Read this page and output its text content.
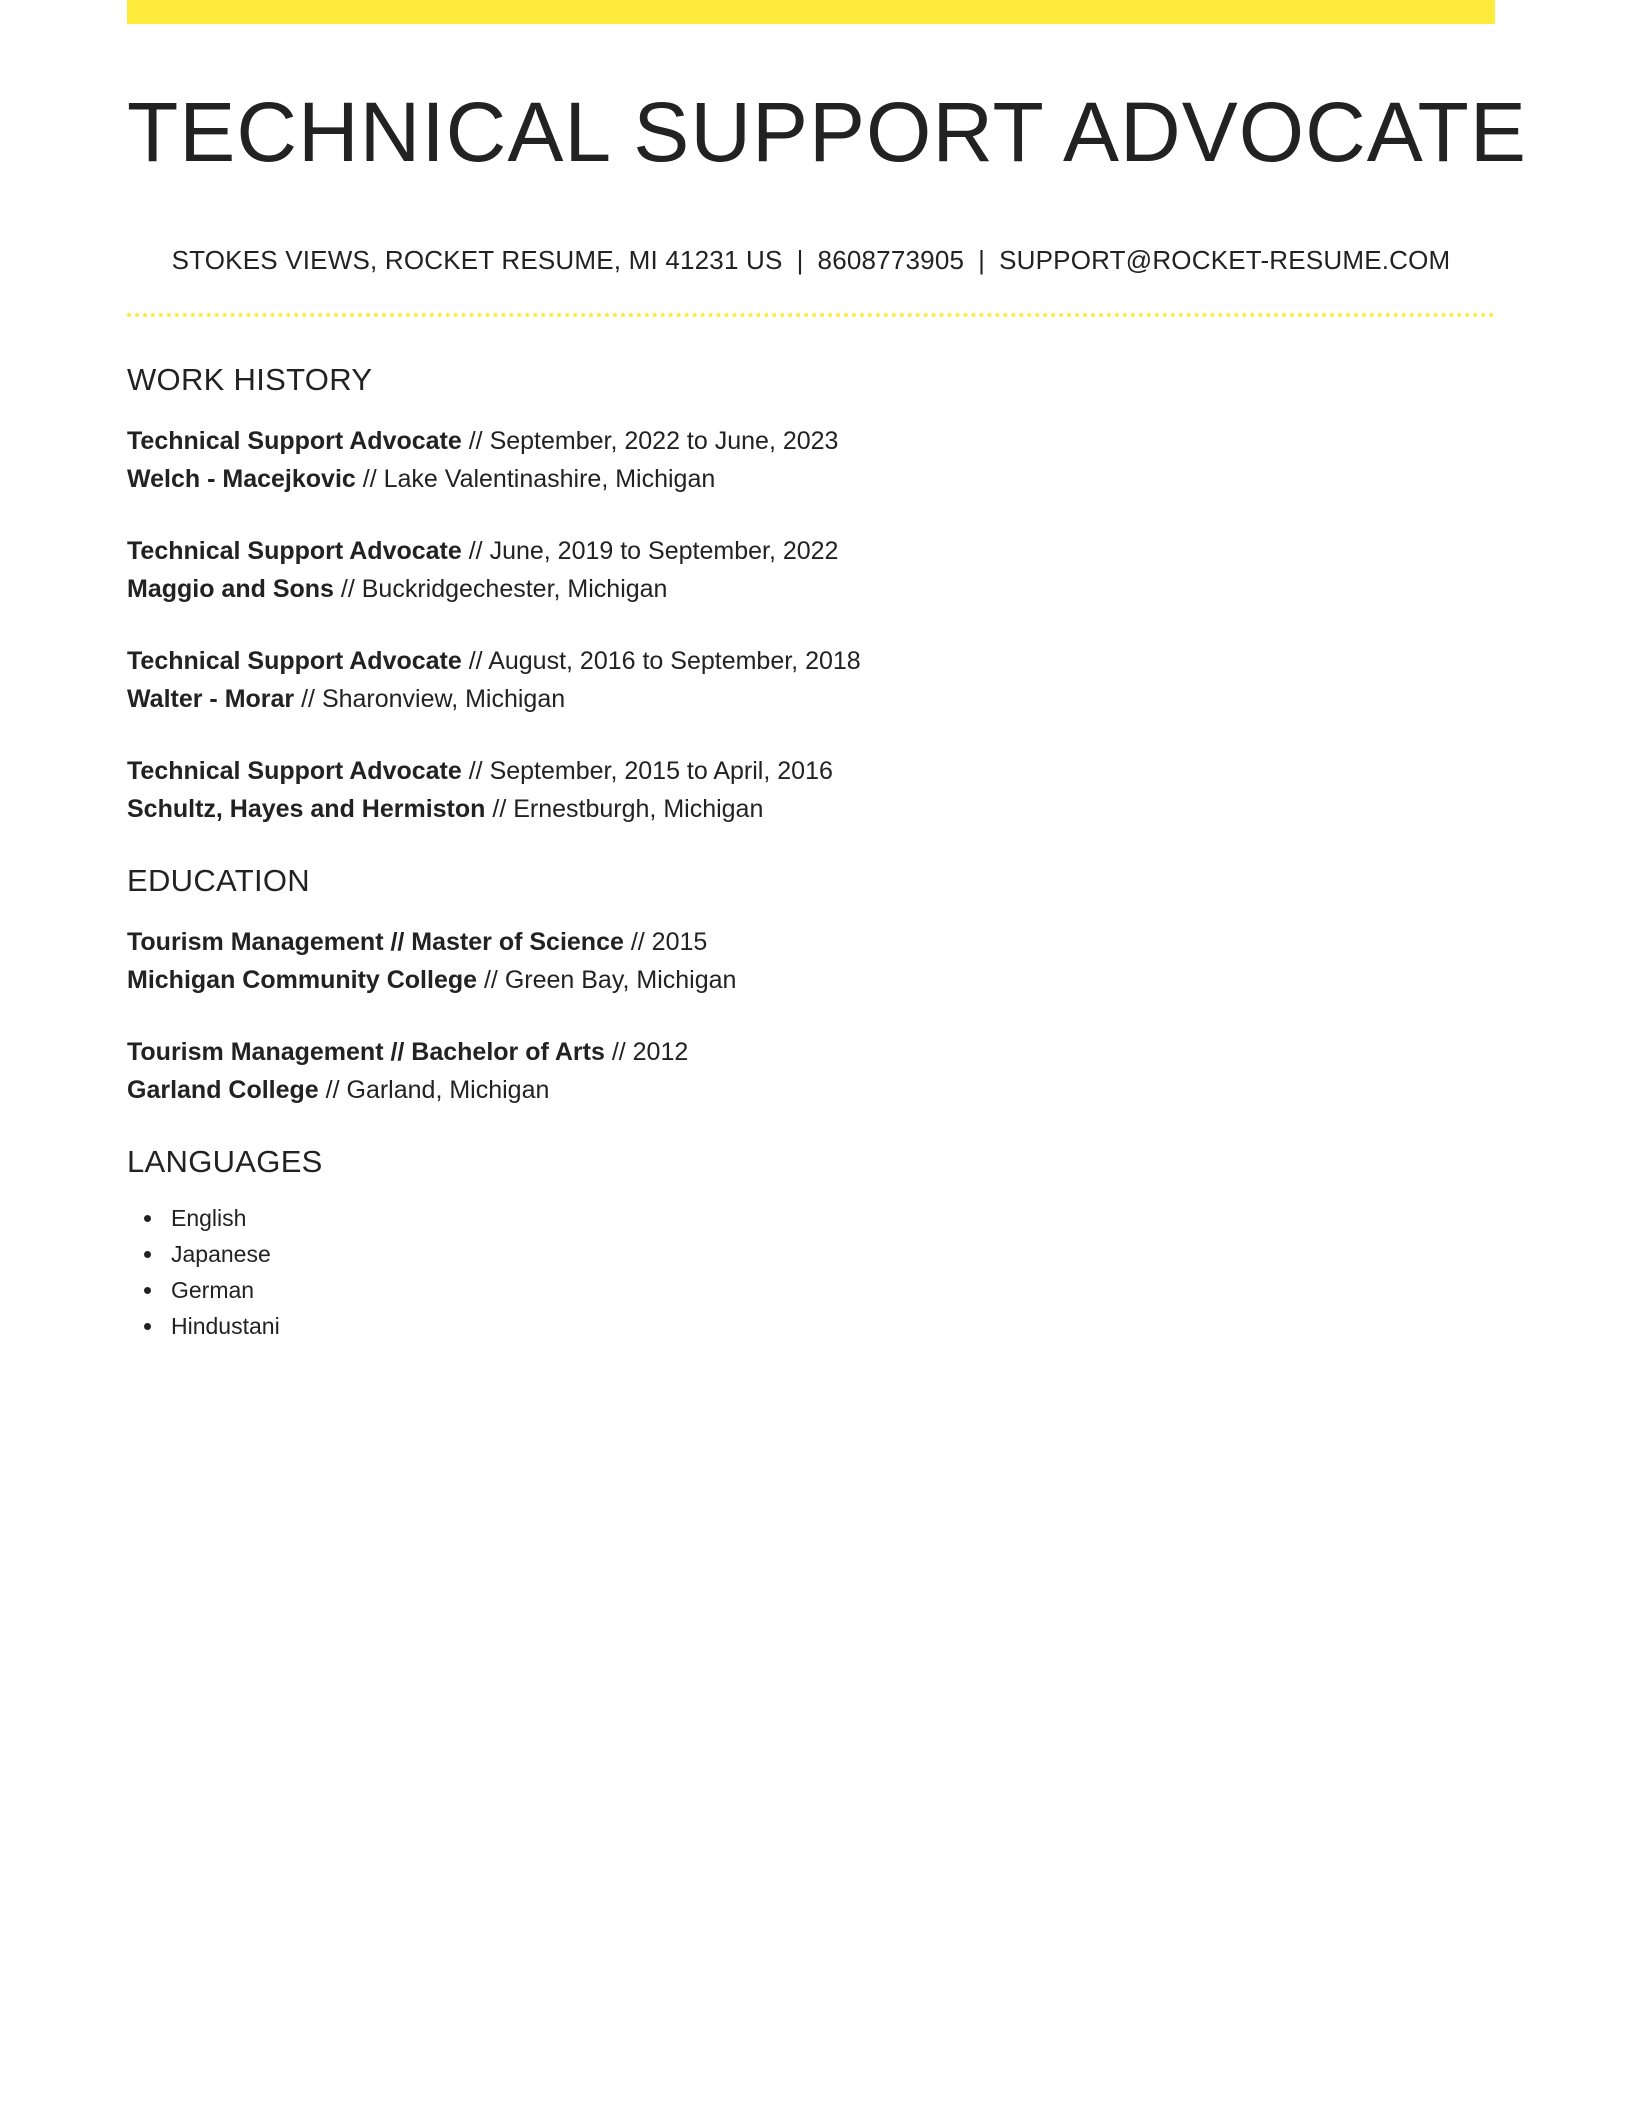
TECHNICAL SUPPORT ADVOCATE
STOKES VIEWS, ROCKET RESUME, MI 41231 US | 8608773905 | SUPPORT@ROCKET-RESUME.COM
WORK HISTORY
Technical Support Advocate // September, 2022 to June, 2023
Welch - Macejkovic // Lake Valentinashire, Michigan
Technical Support Advocate // June, 2019 to September, 2022
Maggio and Sons // Buckridgechester, Michigan
Technical Support Advocate // August, 2016 to September, 2018
Walter - Morar // Sharonview, Michigan
Technical Support Advocate // September, 2015 to April, 2016
Schultz, Hayes and Hermiston // Ernestburgh, Michigan
EDUCATION
Tourism Management // Master of Science // 2015
Michigan Community College // Green Bay, Michigan
Tourism Management // Bachelor of Arts // 2012
Garland College // Garland, Michigan
LANGUAGES
English
Japanese
German
Hindustani
